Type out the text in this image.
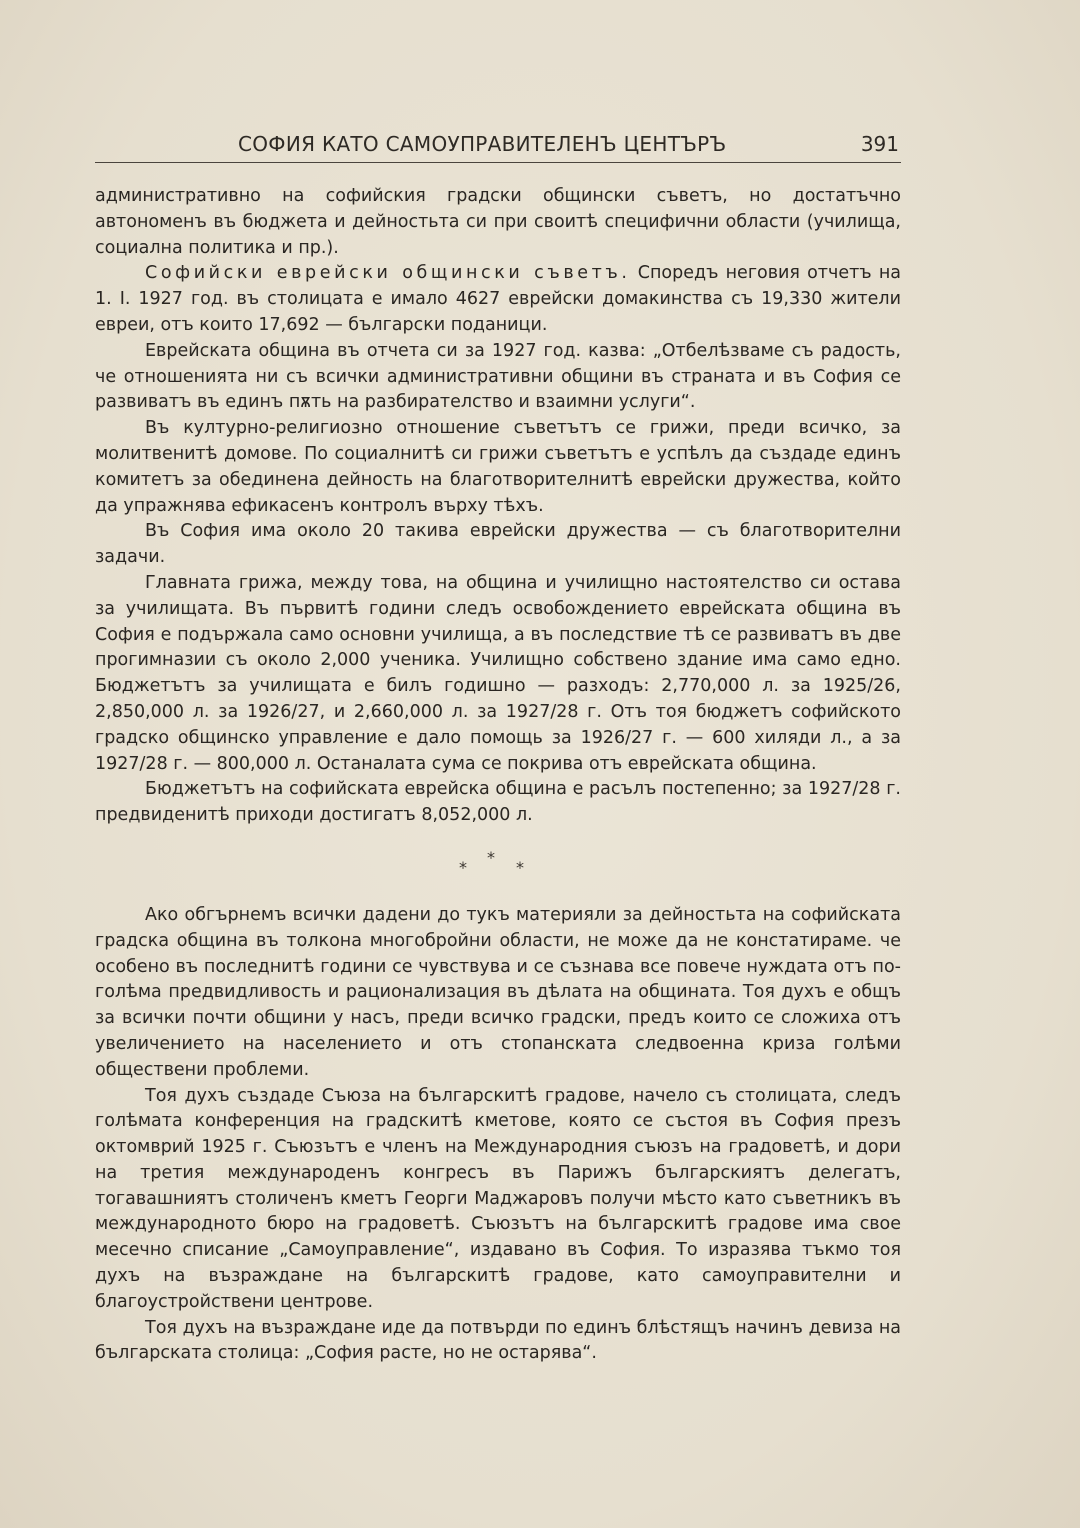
СОФИЯ КАТО САМОУПРАВИТЕЛЕНЪ ЦЕНТЪРЪ	391

административно на софийския градски общински съветъ, но достатъчно автономенъ въ бюджета и дейностьта си при своитѣ специфични области (училища, социална политика и пр.).

Софийски еврейски общински съветъ. Споредъ неговия отчетъ на 1. I. 1927 год. въ столицата е имало 4627 еврейски домакинства съ 19,330 жители евреи, отъ които 17,692 — български поданици.

Еврейската община въ отчета си за 1927 год. казва: „Отбелѣзваме съ радость, че отношенията ни съ всички административни общини въ страната и въ София се развиватъ въ единъ пѫть на разбирателство и взаимни услуги“.

Въ културно-религиозно отношение съветътъ се грижи, преди всичко, за молитвенитѣ домове. По социалнитѣ си грижи съветътъ е успѣлъ да създаде единъ комитетъ за обединена дейность на благотворителнитѣ еврейски дружества, който да упражнява ефикасенъ контролъ върху тѣхъ.

Въ София има около 20 такива еврейски дружества — съ благотворителни задачи.

Главната грижа, между това, на община и училищно настоятелство си остава за училищата. Въ първитѣ години следъ освобождението еврейската община въ София е подържала само основни училища, а въ последствие тѣ се развиватъ въ две прогимназии съ около 2,000 ученика. Училищно собствено здание има само едно. Бюджетътъ за училищата е билъ годишно — разходъ: 2,770,000 л. за 1925/26, 2,850,000 л. за 1926/27, и 2,660,000 л. за 1927/28 г. Отъ тоя бюджетъ софийското градско общинско управление е дало помощь за 1926/27 г. — 600 хиляди л., а за 1927/28 г. — 800,000 л. Останалата сума се покрива отъ еврейската община.

Бюджетътъ на софийската еврейска община е расълъ постепенно; за 1927/28 г. предвиденитѣ приходи достигатъ 8,052,000 л.

*
*	*

Ако обгърнемъ всички дадени до тукъ материяли за дейностьта на софийската градска община въ толкона многобройни области, не може да не констатираме. че особено въ последнитѣ години се чувствува и се съзнава все повече нуждата отъ по-голѣма предвидливость и рационализация въ дѣлата на общината. Тоя духъ е общъ за всички почти общини у насъ, преди всичко градски, предъ които се сложиха отъ увеличението на населението и отъ стопанската следвоенна криза голѣми обществени проблеми.

Тоя духъ създаде Съюза на българскитѣ градове, начело съ столицата, следъ голѣмата конференция на градскитѣ кметове, която се състоя въ София презъ октомврий 1925 г. Съюзътъ е членъ на Международния съюзъ на градоветѣ, и дори на третия международенъ конгресъ въ Парижъ българскиятъ делегатъ, тогавашниятъ столиченъ кметъ Георги Маджаровъ получи мѣсто като съветникъ въ международното бюро на градоветѣ. Съюзътъ на българскитѣ градове има свое месечно списание „Самоуправление“, издавано въ София. То изразява тъкмо тоя духъ на възраждане на българскитѣ градове, като самоуправителни и благоустройствени центрове.

Тоя духъ на възраждане иде да потвърди по единъ блѣстящъ начинъ девиза на българската столица: „София расте, но не остарява“.
